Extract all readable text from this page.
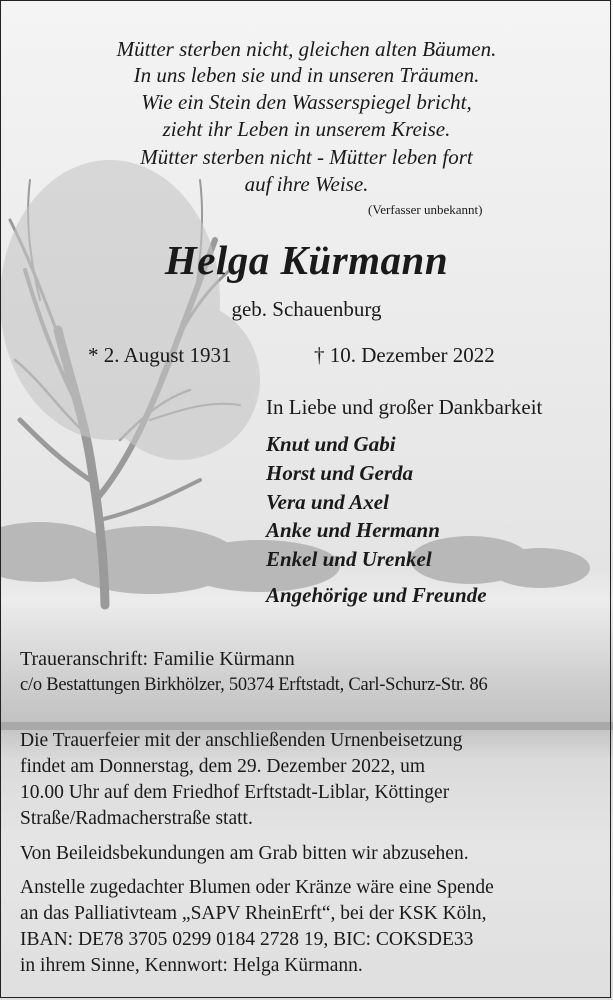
Mütter sterben nicht, gleichen alten Bäumen.
In uns leben sie und in unseren Träumen.
Wie ein Stein den Wasserspiegel bricht,
zieht ihr Leben in unserem Kreise.
Mütter sterben nicht - Mütter leben fort
auf ihre Weise.
(Verfasser unbekannt)
Helga Kürmann
geb. Schauenburg
* 2. August 1931	† 10. Dezember 2022
In Liebe und großer Dankbarkeit
Knut und Gabi
Horst und Gerda
Vera und Axel
Anke und Hermann
Enkel und Urenkel
Angehörige und Freunde
Traueranschrift: Familie Kürmann
c/o Bestattungen Birkhölzer, 50374 Erftstadt, Carl-Schurz-Str. 86
Die Trauerfeier mit der anschließenden Urnenbeisetzung
findet am Donnerstag, dem 29. Dezember 2022, um
10.00 Uhr auf dem Friedhof Erftstadt-Liblar, Köttinger
Straße/Radmacherstraße statt.
Von Beileidsbekundungen am Grab bitten wir abzusehen.
Anstelle zugedachter Blumen oder Kränze wäre eine Spende
an das Palliativteam „SAPV RheinErft“, bei der KSK Köln,
IBAN: DE78 3705 0299 0184 2728 19, BIC: COKSDE33
in ihrem Sinne, Kennwort: Helga Kürmann.
